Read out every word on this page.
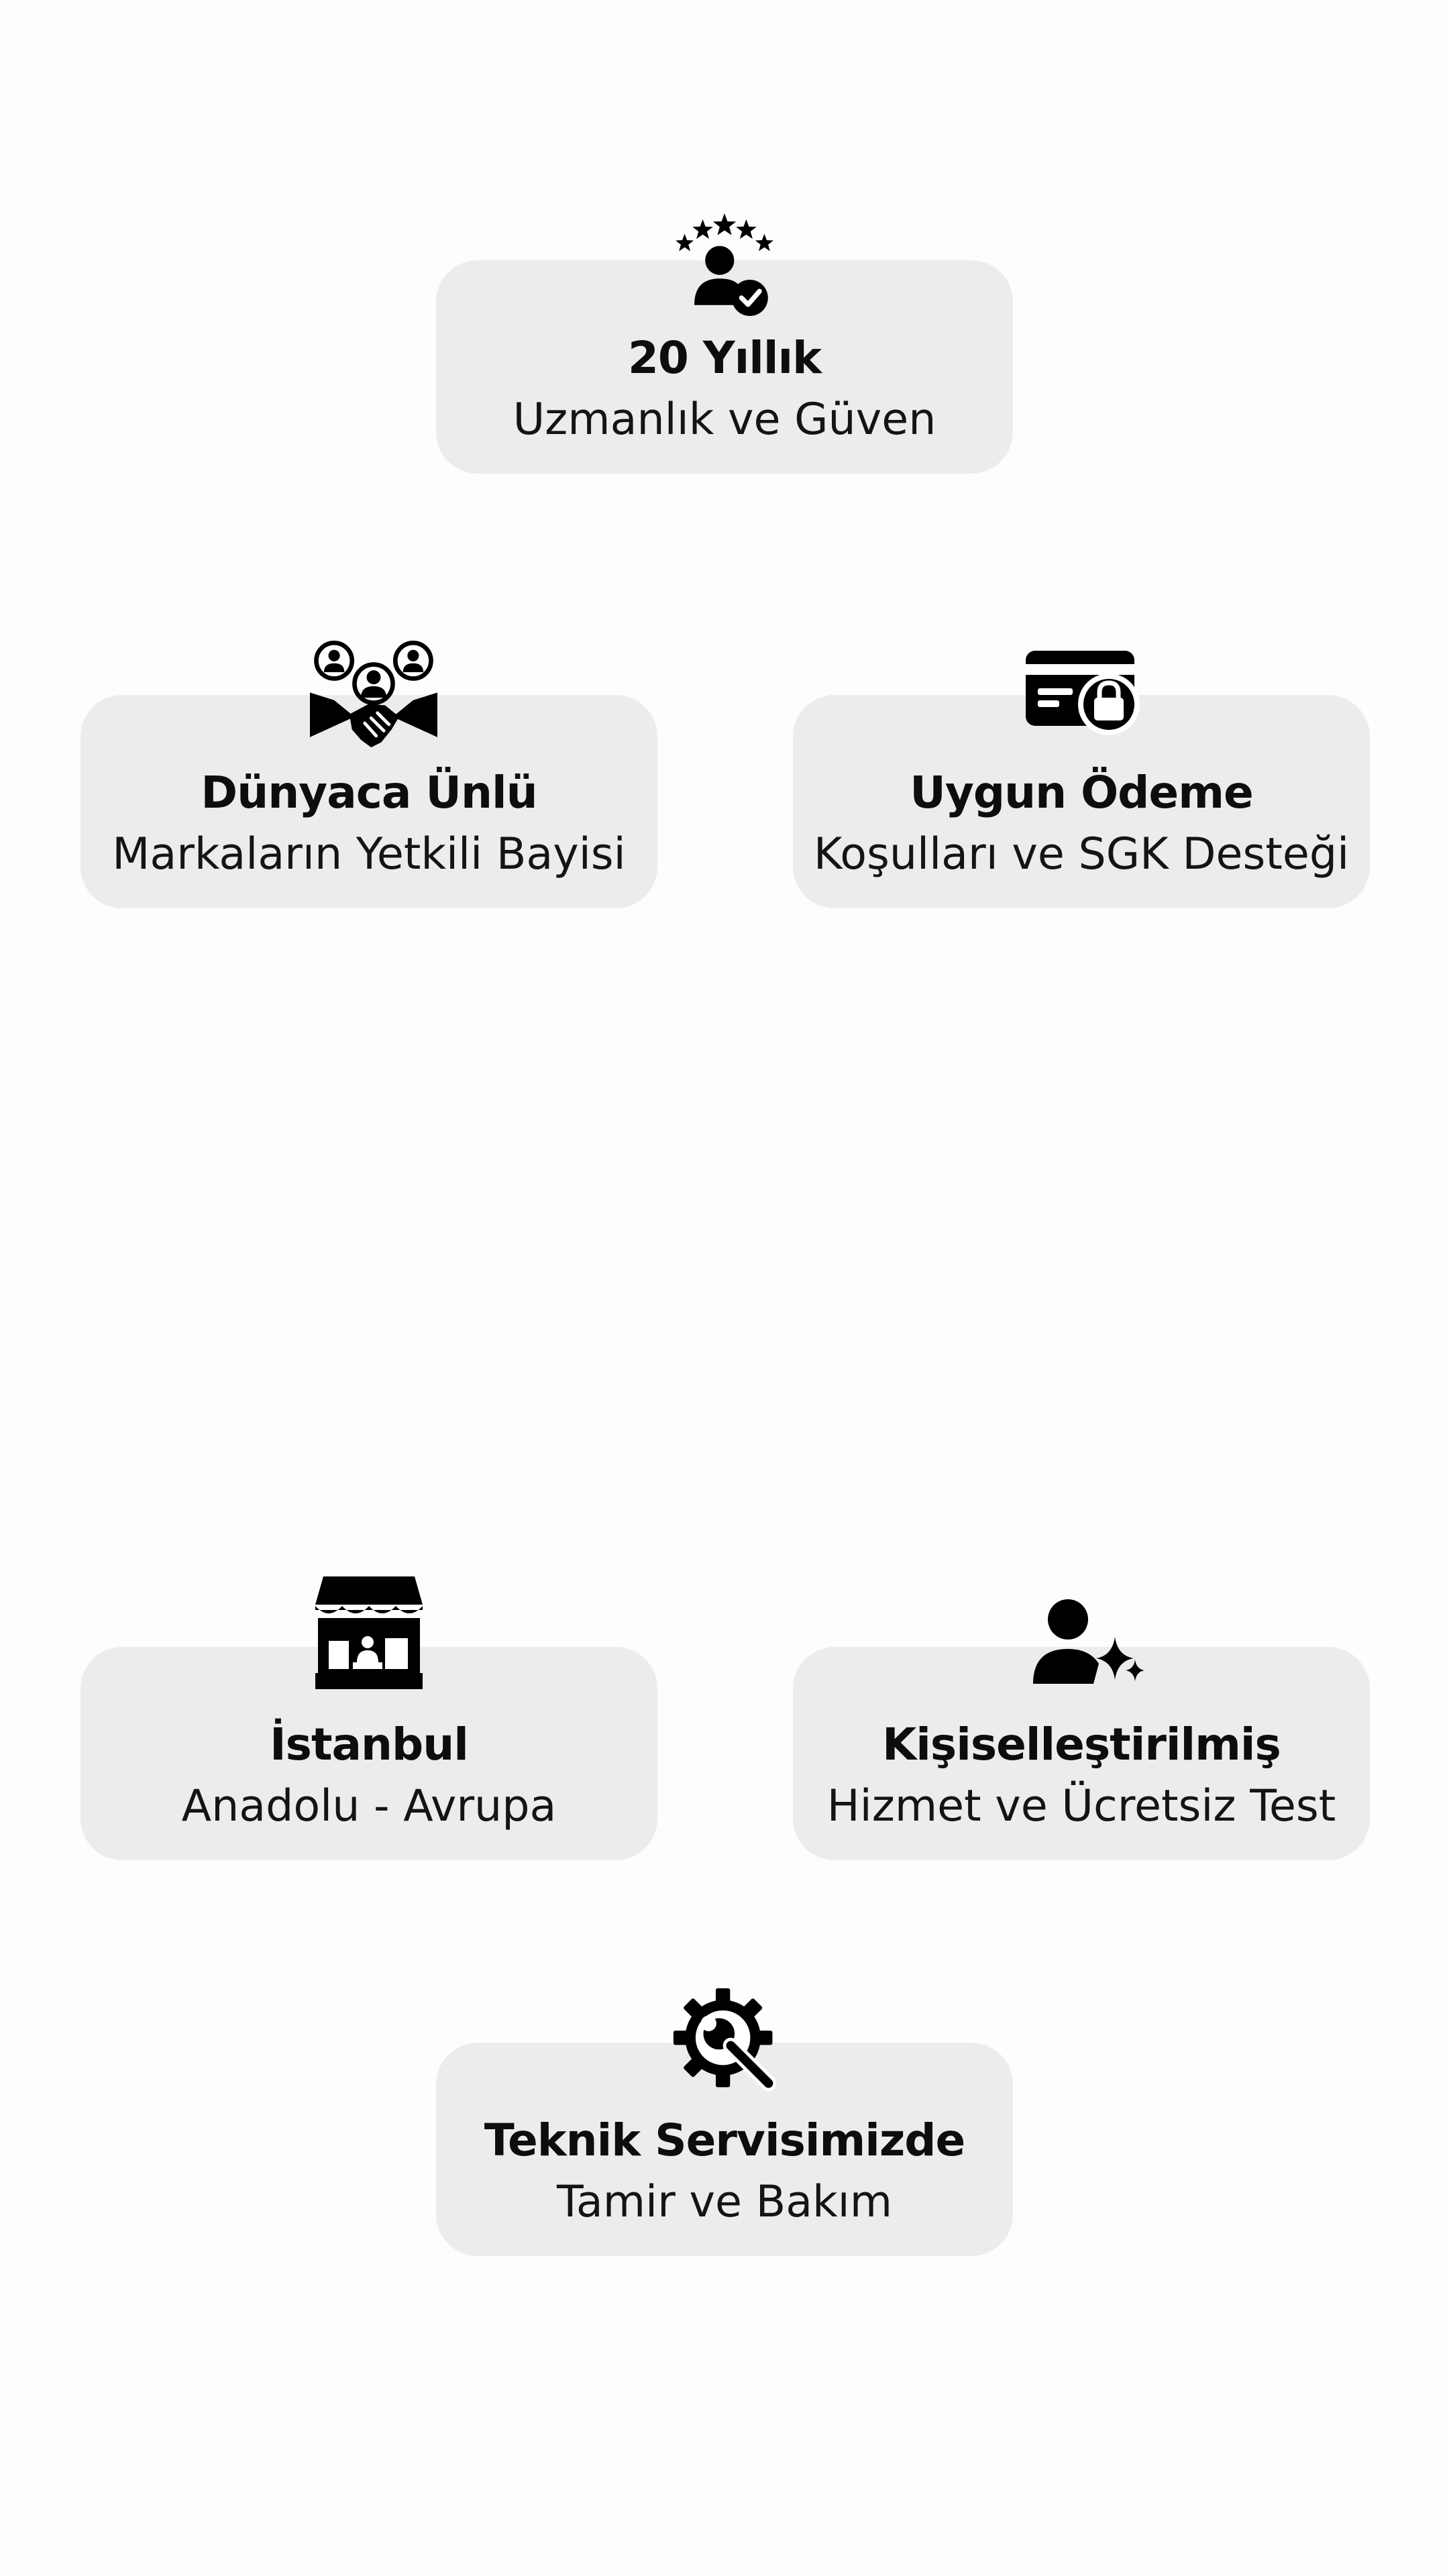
20 Yıllık
Uzmanlık ve Güven
Dünyaca Ünlü
Markaların Yetkili Bayisi
Uygun Ödeme
Koşulları ve SGK Desteği
İstanbul
Anadolu - Avrupa
Kişiselleştirilmiş
Hizmet ve Ücretsiz Test
Teknik Servisimizde
Tamir ve Bakım
